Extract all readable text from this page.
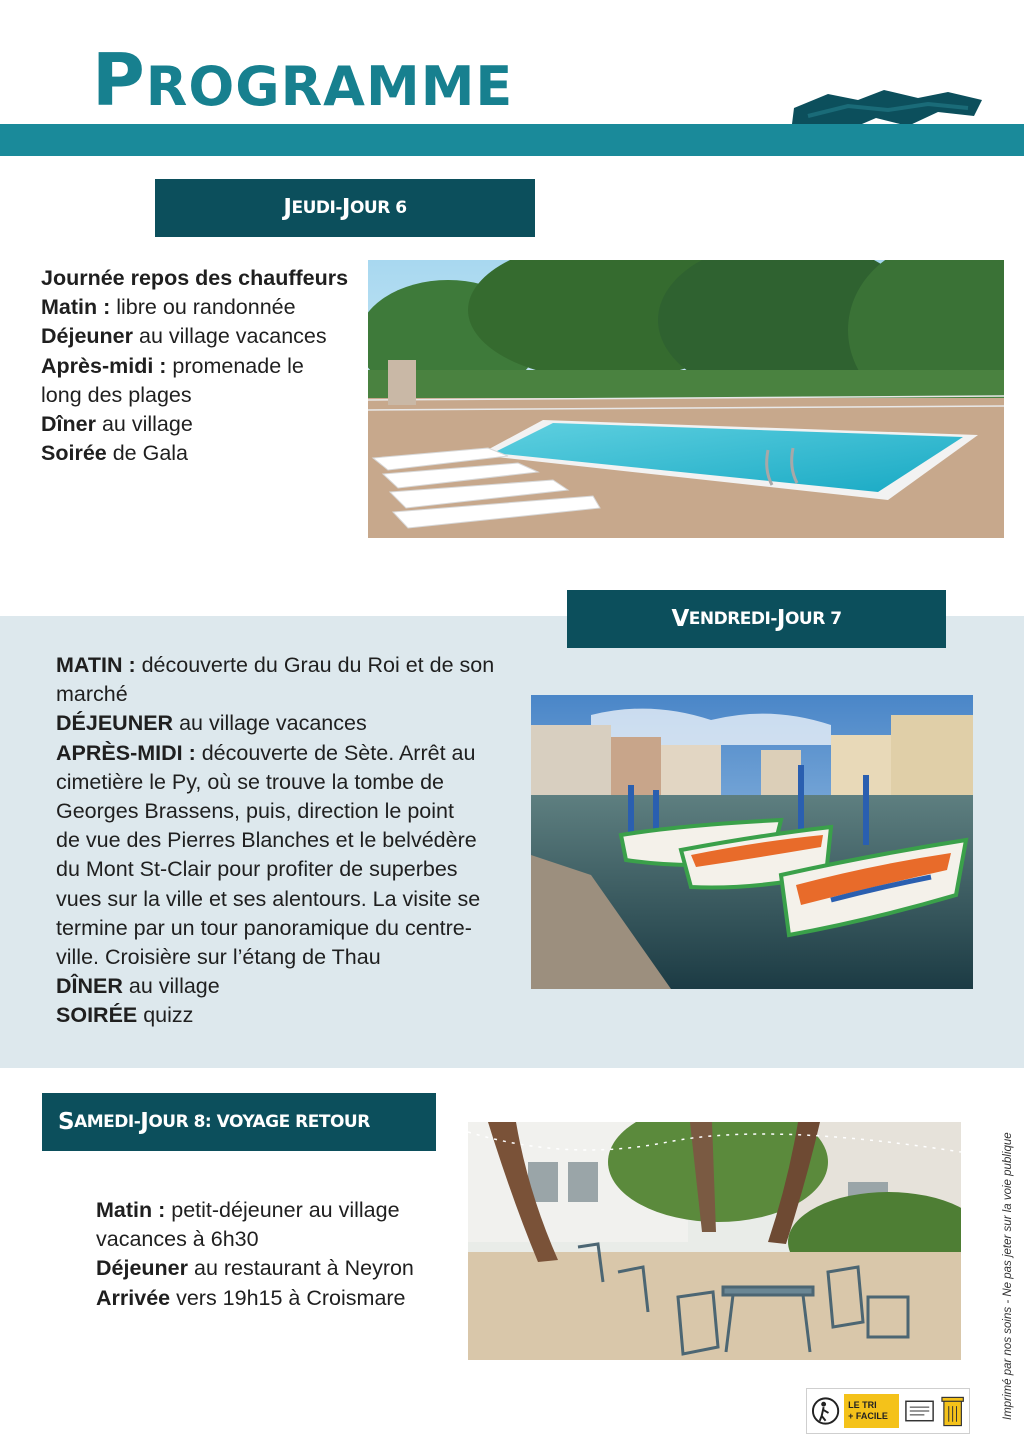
PROGRAMME
J EUDI - J OUR 6
Journée repos des chauffeurs
Matin : libre ou randonnée
Déjeuner au village vacances
Après-midi : promenade le
long des plages
Dîner au village
Soirée de Gala
V ENDREDI - J OUR 7
MATIN : découverte du Grau du Roi et de son
marché
DÉJEUNER au village vacances
APRÈS-MIDI : découverte de Sète. Arrêt au
cimetière le Py, où se trouve la tombe de
Georges Brassens, puis, direction le point
de vue des Pierres Blanches et le belvédère
du Mont St-Clair pour profiter de superbes
vues sur la ville et ses alentours. La visite se
termine par un tour panoramique du centre-
ville. Croisière sur l’étang de Thau
DÎNER au village
SOIRÉE quizz
S AMEDI - J OUR 8 : VOYAGE RETOUR
Matin : petit-déjeuner au village
vacances à 6h30
Déjeuner au restaurant à Neyron
Arrivée vers 19h15 à Croismare	Imprimé par nos soins - Ne pas jeter sur la voie publique
LE TRI
+ FACILE
